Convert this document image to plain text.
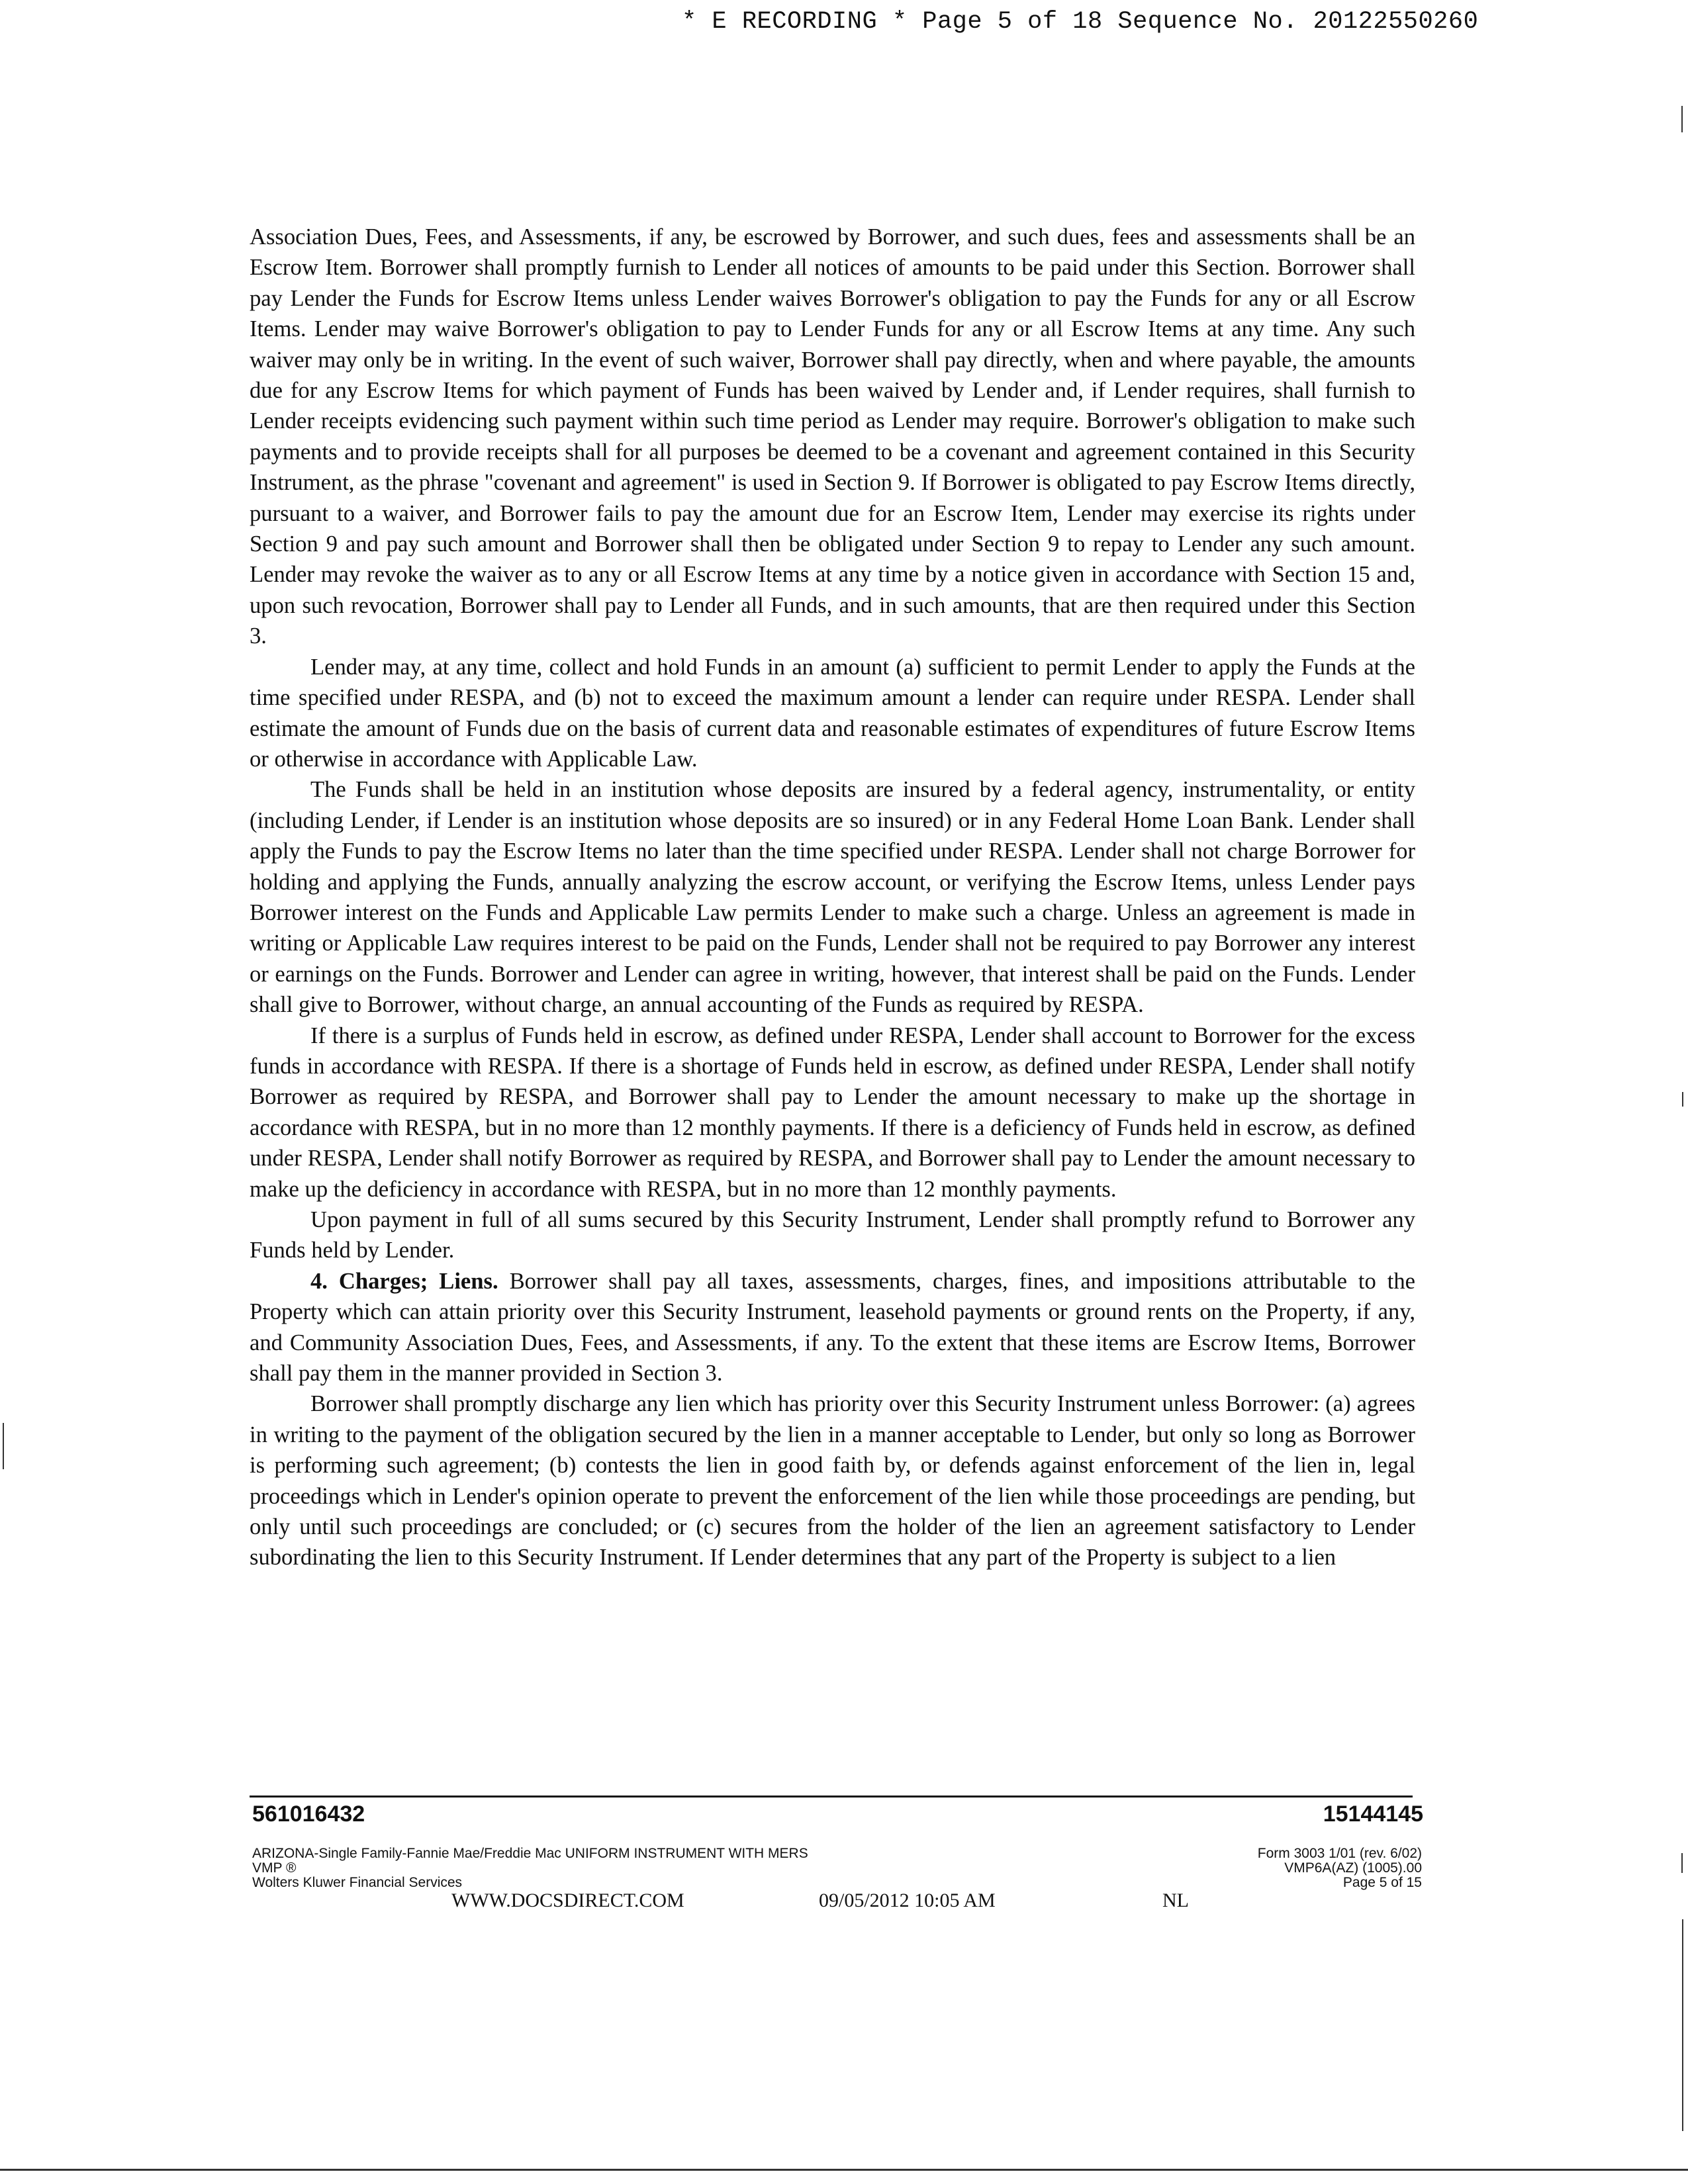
* E RECORDING * Page 5 of 18 Sequence No. 20122550260

Association Dues, Fees, and Assessments, if any, be escrowed by Borrower, and such dues, fees and assessments shall be an Escrow Item. Borrower shall promptly furnish to Lender all notices of amounts to be paid under this Section. Borrower shall pay Lender the Funds for Escrow Items unless Lender waives Borrower's obligation to pay the Funds for any or all Escrow Items. Lender may waive Borrower's obligation to pay to Lender Funds for any or all Escrow Items at any time. Any such waiver may only be in writing. In the event of such waiver, Borrower shall pay directly, when and where payable, the amounts due for any Escrow Items for which payment of Funds has been waived by Lender and, if Lender requires, shall furnish to Lender receipts evidencing such payment within such time period as Lender may require. Borrower's obligation to make such payments and to provide receipts shall for all purposes be deemed to be a covenant and agreement contained in this Security Instrument, as the phrase "covenant and agreement" is used in Section 9. If Borrower is obligated to pay Escrow Items directly, pursuant to a waiver, and Borrower fails to pay the amount due for an Escrow Item, Lender may exercise its rights under Section 9 and pay such amount and Borrower shall then be obligated under Section 9 to repay to Lender any such amount. Lender may revoke the waiver as to any or all Escrow Items at any time by a notice given in accordance with Section 15 and, upon such revocation, Borrower shall pay to Lender all Funds, and in such amounts, that are then required under this Section 3.

Lender may, at any time, collect and hold Funds in an amount (a) sufficient to permit Lender to apply the Funds at the time specified under RESPA, and (b) not to exceed the maximum amount a lender can require under RESPA. Lender shall estimate the amount of Funds due on the basis of current data and reasonable estimates of expenditures of future Escrow Items or otherwise in accordance with Applicable Law.

The Funds shall be held in an institution whose deposits are insured by a federal agency, instrumentality, or entity (including Lender, if Lender is an institution whose deposits are so insured) or in any Federal Home Loan Bank. Lender shall apply the Funds to pay the Escrow Items no later than the time specified under RESPA. Lender shall not charge Borrower for holding and applying the Funds, annually analyzing the escrow account, or verifying the Escrow Items, unless Lender pays Borrower interest on the Funds and Applicable Law permits Lender to make such a charge. Unless an agreement is made in writing or Applicable Law requires interest to be paid on the Funds, Lender shall not be required to pay Borrower any interest or earnings on the Funds. Borrower and Lender can agree in writing, however, that interest shall be paid on the Funds. Lender shall give to Borrower, without charge, an annual accounting of the Funds as required by RESPA.

If there is a surplus of Funds held in escrow, as defined under RESPA, Lender shall account to Borrower for the excess funds in accordance with RESPA. If there is a shortage of Funds held in escrow, as defined under RESPA, Lender shall notify Borrower as required by RESPA, and Borrower shall pay to Lender the amount necessary to make up the shortage in accordance with RESPA, but in no more than 12 monthly payments. If there is a deficiency of Funds held in escrow, as defined under RESPA, Lender shall notify Borrower as required by RESPA, and Borrower shall pay to Lender the amount necessary to make up the deficiency in accordance with RESPA, but in no more than 12 monthly payments.

Upon payment in full of all sums secured by this Security Instrument, Lender shall promptly refund to Borrower any Funds held by Lender.

4. Charges; Liens. Borrower shall pay all taxes, assessments, charges, fines, and impositions attributable to the Property which can attain priority over this Security Instrument, leasehold payments or ground rents on the Property, if any, and Community Association Dues, Fees, and Assessments, if any. To the extent that these items are Escrow Items, Borrower shall pay them in the manner provided in Section 3.

Borrower shall promptly discharge any lien which has priority over this Security Instrument unless Borrower: (a) agrees in writing to the payment of the obligation secured by the lien in a manner acceptable to Lender, but only so long as Borrower is performing such agreement; (b) contests the lien in good faith by, or defends against enforcement of the lien in, legal proceedings which in Lender's opinion operate to prevent the enforcement of the lien while those proceedings are pending, but only until such proceedings are concluded; or (c) secures from the holder of the lien an agreement satisfactory to Lender subordinating the lien to this Security Instrument. If Lender determines that any part of the Property is subject to a lien

561016432	15144145
ARIZONA-Single Family-Fannie Mae/Freddie Mac UNIFORM INSTRUMENT WITH MERS
VMP ®
Wolters Kluwer Financial Services
Form 3003 1/01 (rev. 6/02)
VMP6A(AZ) (1005).00
Page 5 of 15
WWW.DOCSDIRECT.COM	09/05/2012 10:05 AM	NL
